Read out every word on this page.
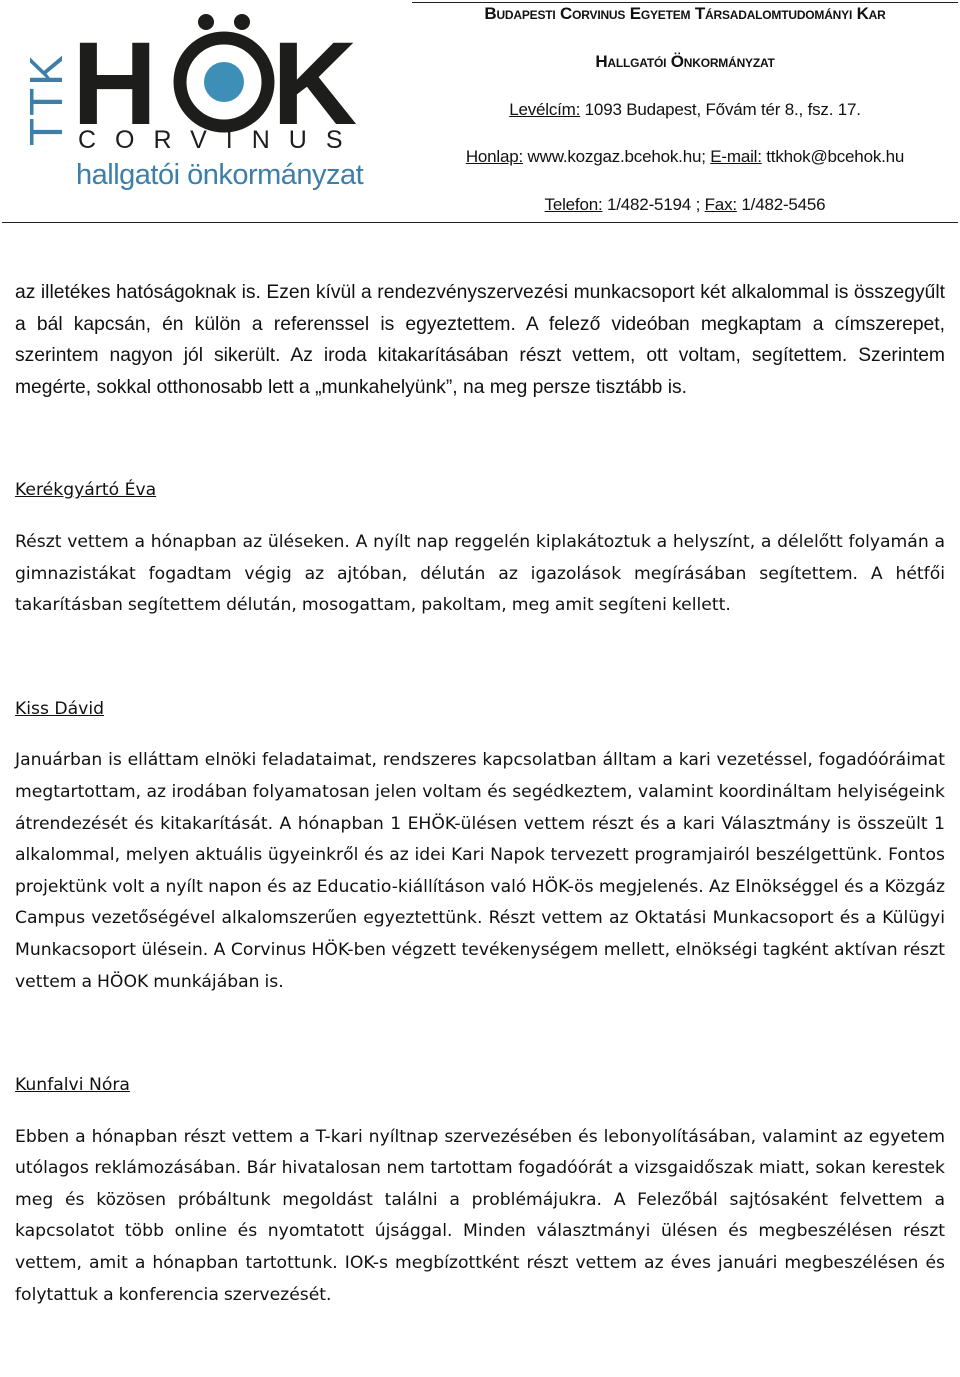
TTK H K
CORVINUS
hallgatói önkormányzat
Budapesti Corvinus Egyetem Társadalomtudományi Kar
Hallgatói Önkormányzat
Levélcím: 1093 Budapest, Fővám tér 8., fsz. 17.
Honlap: www.kozgaz.bcehok.hu; E-mail: ttkhok@bcehok.hu
Telefon: 1/482-5194 ; Fax: 1/482-5456

az illetékes hatóságoknak is. Ezen kívül a rendezvényszervezési munkacsoport két alkalommal is összegyűlt a bál kapcsán, én külön a referenssel is egyeztettem. A felező videóban megkaptam a címszerepet, szerintem nagyon jól sikerült. Az iroda kitakarításában részt vettem, ott voltam, segítettem. Szerintem megérte, sokkal otthonosabb lett a „munkahelyünk”, na meg persze tisztább is.

Kerékgyártó Éva

Részt vettem a hónapban az üléseken. A nyílt nap reggelén kiplakátoztuk a helyszínt, a délelőtt folyamán a gimnazistákat fogadtam végig az ajtóban, délután az igazolások megírásában segítettem. A hétfői takarításban segítettem délután, mosogattam, pakoltam, meg amit segíteni kellett.

Kiss Dávid

Januárban is elláttam elnöki feladataimat, rendszeres kapcsolatban álltam a kari vezetéssel, fogadóóráimat megtartottam, az irodában folyamatosan jelen voltam és segédkeztem, valamint koordináltam helyiségeink átrendezését és kitakarítását. A hónapban 1 EHÖK-ülésen vettem részt és a kari Választmány is összeült 1 alkalommal, melyen aktuális ügyeinkről és az idei Kari Napok tervezett programjairól beszélgettünk. Fontos projektünk volt a nyílt napon és az Educatio-kiállításon való HÖK-ös megjelenés. Az Elnökséggel és a Közgáz Campus vezetőségével alkalomszerűen egyeztettünk. Részt vettem az Oktatási Munkacsoport és a Külügyi Munkacsoport ülésein. A Corvinus HÖK-ben végzett tevékenységem mellett, elnökségi tagként aktívan részt vettem a HÖOK munkájában is.

Kunfalvi Nóra

Ebben a hónapban részt vettem a T-kari nyíltnap szervezésében és lebonyolításában, valamint az egyetem utólagos reklámozásában. Bár hivatalosan nem tartottam fogadóórát a vizsgaidőszak miatt, sokan kerestek meg és közösen próbáltunk megoldást találni a problémájukra. A Felezőbál sajtósaként felvettem a kapcsolatot több online és nyomtatott újsággal. Minden választmányi ülésen és megbeszélésen részt vettem, amit a hónapban tartottunk. IOK-s megbízottként részt vettem az éves januári megbeszélésen és folytattuk a konferencia szervezését.
